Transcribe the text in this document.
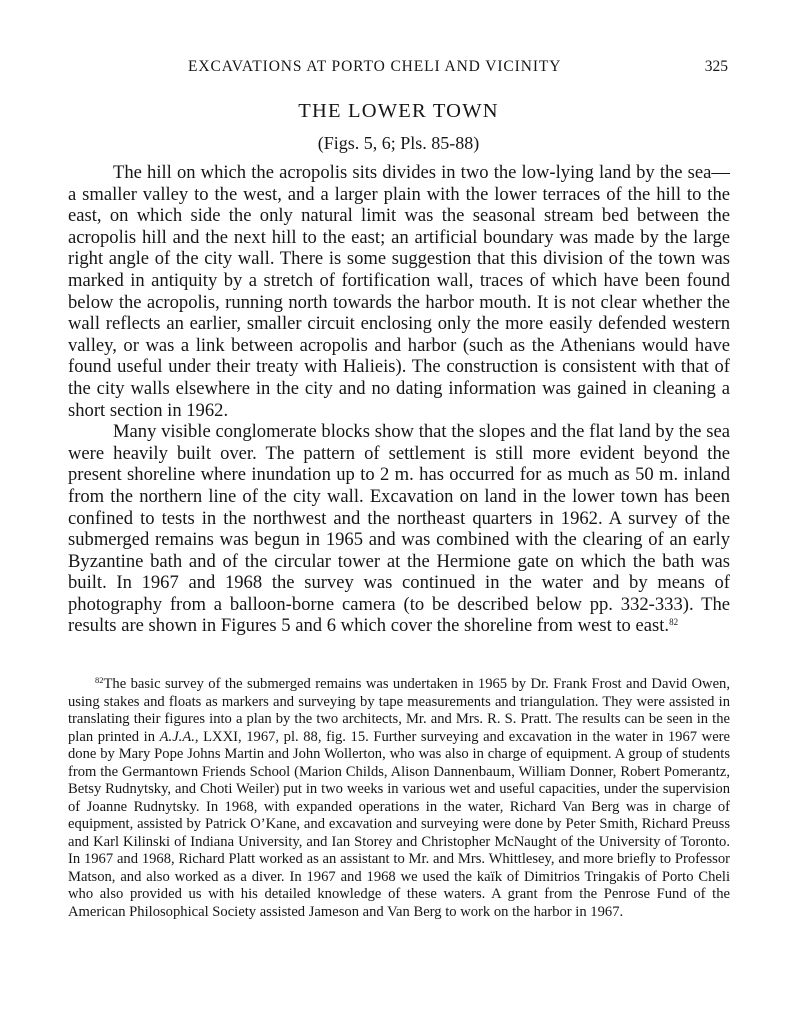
EXCAVATIONS AT PORTO CHELI AND VICINITY	325
THE LOWER TOWN
(Figs. 5, 6; Pls. 85-88)

The hill on which the acropolis sits divides in two the low-lying land by the sea—a smaller valley to the west, and a larger plain with the lower terraces of the hill to the east, on which side the only natural limit was the seasonal stream bed between the acropolis hill and the next hill to the east; an artificial boundary was made by the large right angle of the city wall. There is some suggestion that this division of the town was marked in antiquity by a stretch of fortification wall, traces of which have been found below the acropolis, running north towards the harbor mouth. It is not clear whether the wall reflects an earlier, smaller circuit enclosing only the more easily defended western valley, or was a link between acropolis and harbor (such as the Athenians would have found useful under their treaty with Halieis). The construction is consistent with that of the city walls elsewhere in the city and no dating information was gained in cleaning a short section in 1962.

Many visible conglomerate blocks show that the slopes and the flat land by the sea were heavily built over. The pattern of settlement is still more evident beyond the present shoreline where inundation up to 2 m. has occurred for as much as 50 m. inland from the northern line of the city wall. Excavation on land in the lower town has been confined to tests in the northwest and the northeast quarters in 1962. A survey of the submerged remains was begun in 1965 and was combined with the clearing of an early Byzantine bath and of the circular tower at the Hermione gate on which the bath was built. In 1967 and 1968 the survey was continued in the water and by means of photography from a balloon-borne camera (to be described below pp. 332-333). The results are shown in Figures 5 and 6 which cover the shoreline from west to east.$^{82}$

$^{82}$The basic survey of the submerged remains was undertaken in 1965 by Dr. Frank Frost and David Owen, using stakes and floats as markers and surveying by tape measurements and triangulation. They were assisted in translating their figures into a plan by the two architects, Mr. and Mrs. R. S. Pratt. The results can be seen in the plan printed in A.J.A., LXXI, 1967, pl. 88, fig. 15. Further surveying and excavation in the water in 1967 were done by Mary Pope Johns Martin and John Wollerton, who was also in charge of equipment. A group of students from the Germantown Friends School (Marion Childs, Alison Dannenbaum, William Donner, Robert Pomerantz, Betsy Rudnytsky, and Choti Weiler) put in two weeks in various wet and useful capacities, under the supervision of Joanne Rudnytsky. In 1968, with expanded operations in the water, Richard Van Berg was in charge of equipment, assisted by Patrick O’Kane, and excavation and surveying were done by Peter Smith, Richard Preuss and Karl Kilinski of Indiana University, and Ian Storey and Christopher McNaught of the University of Toronto. In 1967 and 1968, Richard Platt worked as an assistant to Mr. and Mrs. Whittlesey, and more briefly to Professor Matson, and also worked as a diver. In 1967 and 1968 we used the kaïk of Dimitrios Tringakis of Porto Cheli who also provided us with his detailed knowledge of these waters. A grant from the Penrose Fund of the American Philosophical Society assisted Jameson and Van Berg to work on the harbor in 1967.
